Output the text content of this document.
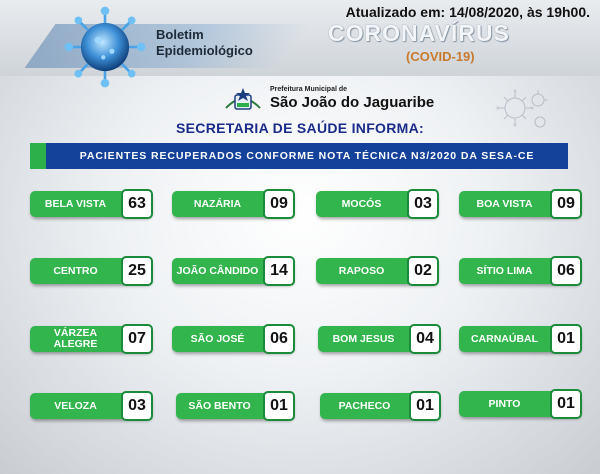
Boletim
Epidemiológico
Atualizado em: 14/08/2020, às 19h00.
CORONAVÍRUS
(COVID-19)
Prefeitura Municipal de
São João do Jaguaribe
SECRETARIA DE SAÚDE INFORMA:
PACIENTES RECUPERADOS CONFORME NOTA TÉCNICA N3/2020 DA SESA-CE
BELA VISTA	63	NAZÁRIA	09	MOCÓS	03	BOA VISTA	09
CENTRO	25	JOÃO CÂNDIDO 14	RAPOSO	02	SÍTIO LIMA	06
VÁRZEA ALEGRE	07	SÃO JOSÉ	06	BOM JESUS	04	CARNAÚBAL	01
VELOZA	03	SÃO BENTO	01	PACHECO	01	PINTO	01
